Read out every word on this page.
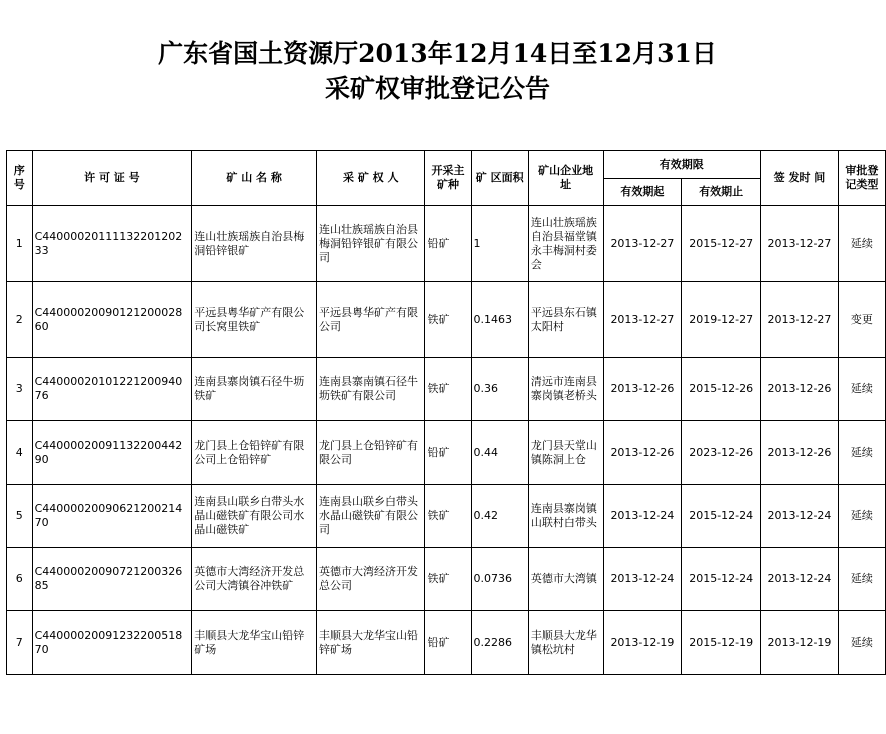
广东省国土资源厅2013年12月14日至12月31日
采矿权审批登记公告
序号	许 可 证 号	矿 山 名 称	采 矿 权 人	开采主矿种	矿 区面积	矿山企业地 址	有效期限		签 发时 间	审批登记类型
							有效期起	有效期止		
1	C4400002011113220120233	连山壮族瑶族自治县梅洞铅锌银矿	连山壮族瑶族自治县梅洞铅锌银矿有限公司	铅矿	1	连山壮族瑶族自治县福堂镇永丰梅洞村委会	2013-12-27	2015-12-27	2013-12-27	延续
2	C4400002009012120002860	平远县粤华矿产有限公司长窝里铁矿	平远县粤华矿产有限公司	铁矿	0.1463	平远县东石镇太阳村	2013-12-27	2019-12-27	2013-12-27	变更
3	C4400002010122120094076	连南县寨岗镇石径牛坜铁矿	连南县寨南镇石径牛坜铁矿有限公司	铁矿	0.36	清远市连南县寨岗镇老桥头	2013-12-26	2015-12-26	2013-12-26	延续
4	C4400002009113220044290	龙门县上仓铅锌矿有限公司上仓铅锌矿	龙门县上仓铅锌矿有限公司	铅矿	0.44	龙门县天堂山镇陈洞上仓	2013-12-26	2023-12-26	2013-12-26	延续
5	C4400002009062120021470	连南县山联乡白带头水晶山磁铁矿有限公司水晶山磁铁矿	连南县山联乡白带头水晶山磁铁矿有限公司	铁矿	0.42	连南县寨岗镇山联村白带头	2013-12-24	2015-12-24	2013-12-24	延续
6	C4400002009072120032685	英德市大湾经济开发总公司大湾镇谷冲铁矿	英德市大湾经济开发总公司	铁矿	0.0736	英德市大湾镇	2013-12-24	2015-12-24	2013-12-24	延续
7	C4400002009123220051870	丰顺县大龙华宝山铅锌矿场	丰顺县大龙华宝山铅锌矿场	铅矿	0.2286	丰顺县大龙华镇松坑村	2013-12-19	2015-12-19	2013-12-19	延续
